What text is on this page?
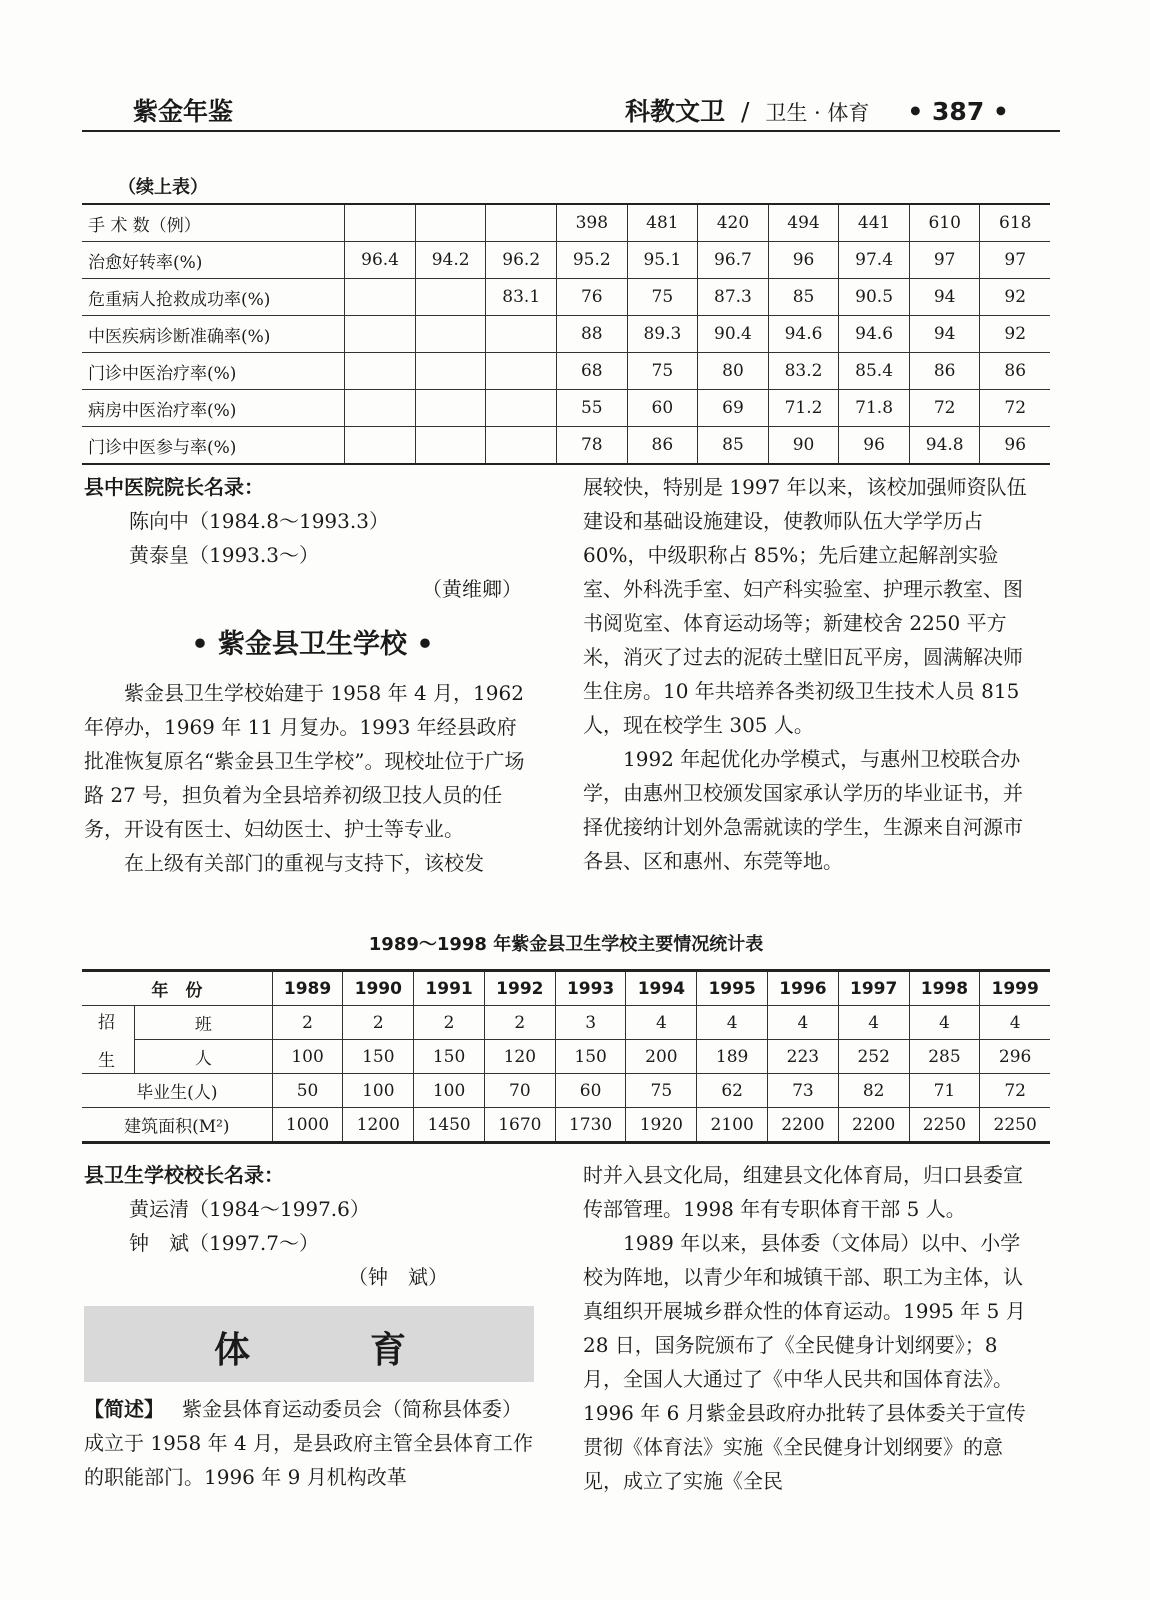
紫金年鉴	科教文卫 / 卫生 · 体育 • 387 •
（续上表）
手 术 数（例）				398	481	420	494	441	610	618
治愈好转率(%)	96.4	94.2	96.2	95.2	95.1	96.7	96	97.4	97	97
危重病人抢救成功率(%)			83.1	76	75	87.3	85	90.5	94	92
中医疾病诊断准确率(%)				88	89.3	90.4	94.6	94.6	94	92
门诊中医治疗率(%)				68	75	80	83.2	85.4	86	86
病房中医治疗率(%)				55	60	69	71.2	71.8	72	72
门诊中医参与率(%)				78	86	85	90	96	94.8	96

县中医院院长名录：

陈向中（1984.8～1993.3）

黄泰皇（1993.3～）

（黄维卿）

• 紫金县卫生学校 •

紫金县卫生学校始建于 1958 年 4 月，1962 年停办，1969 年 11 月复办。1993 年经县政府批准恢复原名“紫金县卫生学校”。现校址位于广场路 27 号，担负着为全县培养初级卫技人员的任务，开设有医士、妇幼医士、护士等专业。

在上级有关部门的重视与支持下，该校发

展较快，特别是 1997 年以来，该校加强师资队伍建设和基础设施建设，使教师队伍大学学历占 60%，中级职称占 85%；先后建立起解剖实验室、外科洗手室、妇产科实验室、护理示教室、图书阅览室、体育运动场等；新建校舍 2250 平方米，消灭了过去的泥砖土壁旧瓦平房，圆满解决师生住房。10 年共培养各类初级卫生技术人员 815 人，现在校学生 305 人。

1992 年起优化办学模式，与惠州卫校联合办学，由惠州卫校颁发国家承认学历的毕业证书，并择优接纳计划外急需就读的学生，生源来自河源市各县、区和惠州、东莞等地。

1989～1998 年紫金县卫生学校主要情况统计表
年　份		1989	1990	1991	1992	1993	1994	1995	1996	1997	1998	1999

招
生	班	2	2	2	2	3	4	4	4	4	4	4
	人	100	150	150	120	150	200	189	223	252	285	296
毕业生(人)		50	100	100	70	60	75	62	73	82	71	72
建筑面积(M²)		1000	1200	1450	1670	1730	1920	2100	2200	2200	2250	2250

县卫生学校校长名录：

黄运清（1984～1997.6）

钟　斌（1997.7～）

（钟　斌）

体	育

【简述】 紫金县体育运动委员会（简称县体委）成立于 1958 年 4 月，是县政府主管全县体育工作的职能部门。1996 年 9 月机构改革

时并入县文化局，组建县文化体育局，归口县委宣传部管理。1998 年有专职体育干部 5 人。

1989 年以来，县体委（文体局）以中、小学校为阵地，以青少年和城镇干部、职工为主体，认真组织开展城乡群众性的体育运动。1995 年 5 月 28 日，国务院颁布了《全民健身计划纲要》；8 月，全国人大通过了《中华人民共和国体育法》。1996 年 6 月紫金县政府办批转了县体委关于宣传贯彻《体育法》实施《全民健身计划纲要》的意见，成立了实施《全民
